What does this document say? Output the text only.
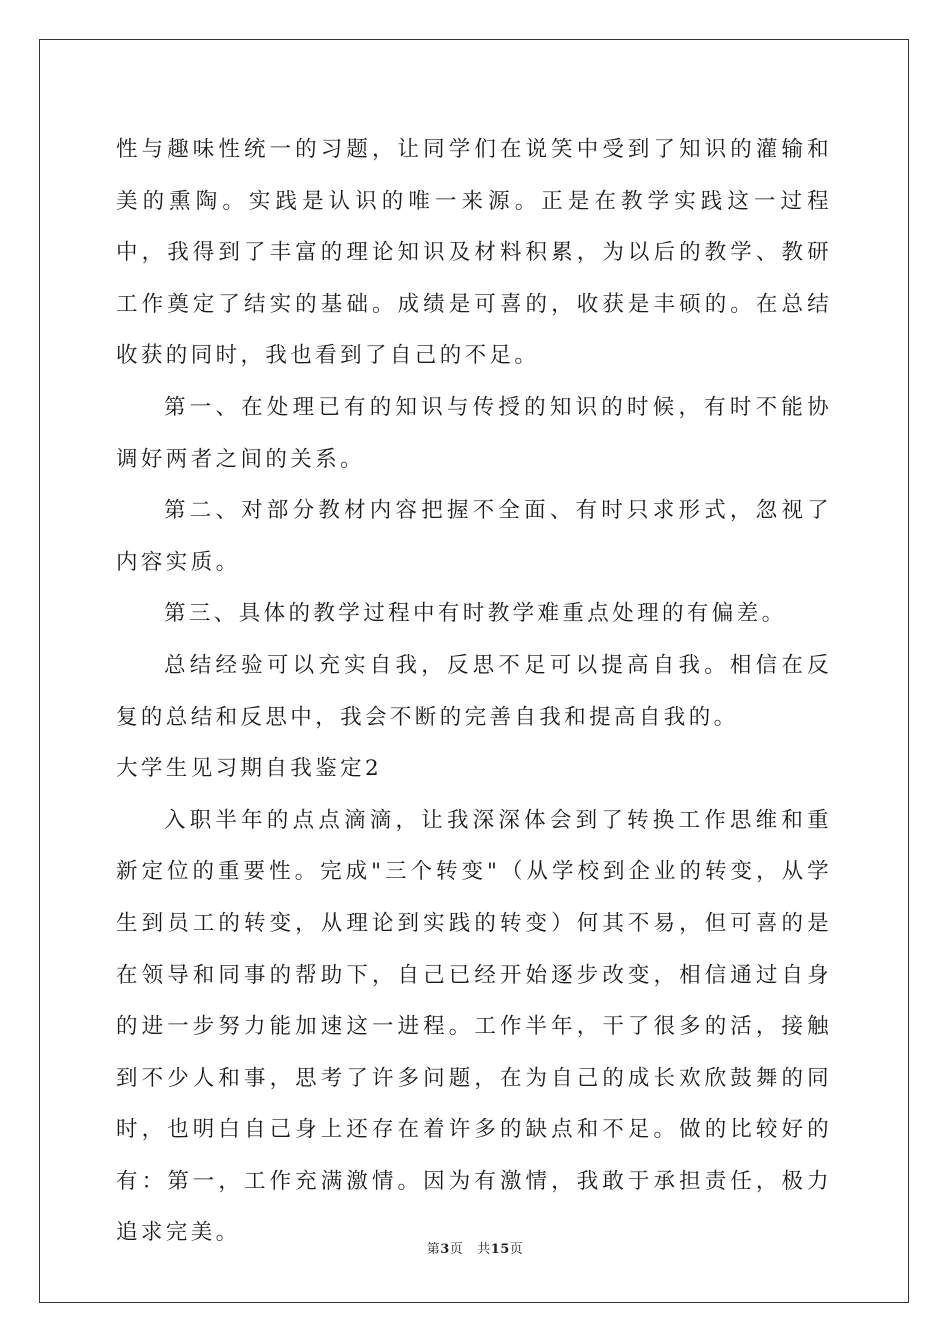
性与趣味性统一的习题，让同学们在说笑中受到了知识的灌输和美的熏陶。实践是认识的唯一来源。正是在教学实践这一过程中，我得到了丰富的理论知识及材料积累，为以后的教学、教研工作奠定了结实的基础。成绩是可喜的，收获是丰硕的。在总结收获的同时，我也看到了自己的不足。

第一、在处理已有的知识与传授的知识的时候，有时不能协调好两者之间的关系。

第二、对部分教材内容把握不全面、有时只求形式，忽视了内容实质。

第三、具体的教学过程中有时教学难重点处理的有偏差。

总结经验可以充实自我，反思不足可以提高自我。相信在反复的总结和反思中，我会不断的完善自我和提高自我的。

大学生见习期自我鉴定2

入职半年的点点滴滴，让我深深体会到了转换工作思维和重新定位的重要性。完成"三个转变"（从学校到企业的转变，从学生到员工的转变，从理论到实践的转变）何其不易，但可喜的是在领导和同事的帮助下，自己已经开始逐步改变，相信通过自身的进一步努力能加速这一进程。工作半年，干了很多的活，接触到不少人和事，思考了许多问题，在为自己的成长欢欣鼓舞的同时，也明白自己身上还存在着许多的缺点和不足。做的比较好的有：第一，工作充满激情。因为有激情，我敢于承担责任，极力追求完美。

第3页 共15页
